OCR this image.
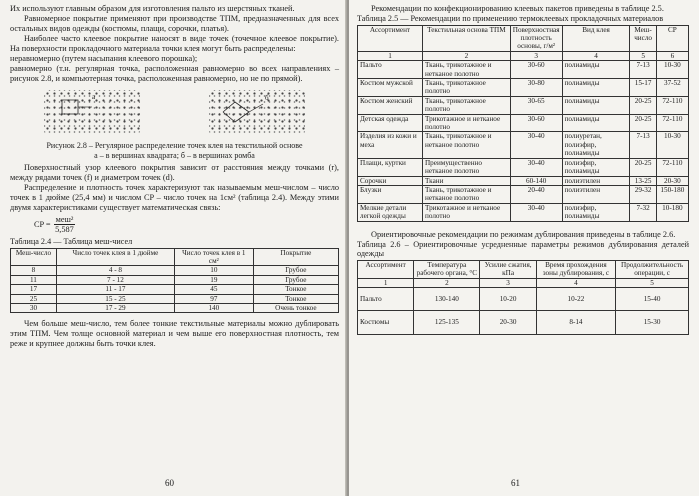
Их используют главным образом для изготовления пальто из шерстяных тканей.

Равномерное покрытие применяют при производстве ТПМ, предназначенных для всех остальных видов одежды (костюмы, плащи, сорочки, платья).

Наиболее часто клеевое покрытие наносят в виде точек (точечное клеевое покрытие). На поверхности прокладочного материала точки клея могут быть распределены:

неравномерно (путем насыпания клеевого порошка);

равномерно (т.н. регулярная точка, расположенная равномерно во всех направлениях – рисунок 2.8, и компьютерная точка, расположенная равномерно, но не по прямой).

a	б

Рисунок 2.8 – Регулярное распределение точек клея на текстильной основе

а – в вершинах квадрата; б – в вершинах ромба

Поверхностный узор клеевого покрытия зависит от расстояния между точками (r), между рядами точек (f) и диаметром точек (d).

Распределение и плотность точек характеризуют так называемым меш-числом – число точек в 1 дюйме (25,4 мм) и числом CP – число точек на 1см² (таблица 2.4). Между этими двумя характеристиками существует математическая связь:

CP = $\frac{\text{меш²}}{5,587}$

Таблица 2.4 — Таблица меш-чисел

Меш-число	Число точек клея в 1 дюйме	Число точек клея в 1 см²	Покрытие
8	4 - 8	10	Грубое
11	7 - 12	19	Грубое
17	11 - 17	45	Тонкое
25	15 - 25	97	Тонкое
30	17 - 29	140	Очень тонкое

Чем больше меш-число, тем более тонкие текстильные материалы можно дублировать этим ТПМ. Чем толще основной материал и чем выше его поверхностная плотность, тем реже и крупнее должны быть точки клея.

60

Рекомендации по конфекционированию клеевых пакетов приведены в таблице 2.5.

Таблица 2.5 — Рекомендации по применению термоклеевых прокладочных материалов

Ассортимент	Текстильная основа ТПМ	Поверхностная плотность основы, г/м²	Вид клея	Меш-число	CP
1	2	3	4	5	6
Пальто	Ткань, трикотажное и нетканое полотно	30-60	полиамиды	7-13	10-30
Костюм мужской	Ткань, трикотажное полотно	30-80	полиамиды	15-17	37-52
Костюм женский	Ткань, трикотажное полотно	30-65	полиамиды	20-25	72-110
Детская одежда	Трикотажное и нетканое полотно	30-60	полиамиды	20-25	72-110
Изделия из кожи и меха	Ткань, трикотажное и нетканое полотно	30-40	полиуретан, полиэфир, полиамиды	7-13	10-30
Плащи, куртки	Преимущественно нетканое полотно	30-40	полиэфир, полиамиды	20-25	72-110
Сорочки	Ткани	60-140	полиэтилен	13-25	20-30
Блузки	Ткань, трикотажное и нетканое полотно	20-40	полиэтилен	29-32	150-180
Мелкие детали легкой одежды	Трикотажное и нетканое полотно	30-40	полиэфир, полиамиды	7-32	10-180

Ориентировочные рекомендации по режимам дублирования приведены в таблице 2.6.

Таблица 2.6 – Ориентировочные усредненные параметры режимов дублирования деталей одежды

Ассортимент	Температура рабочего органа, °С	Усилие сжатия, кПа	Время прохождения зоны дублирования, с	Продолжительность операции, с
1	2	3	4	5
Пальто	130-140	10-20	10-22	15-40
Костюмы	125-135	20-30	8-14	15-30
61
